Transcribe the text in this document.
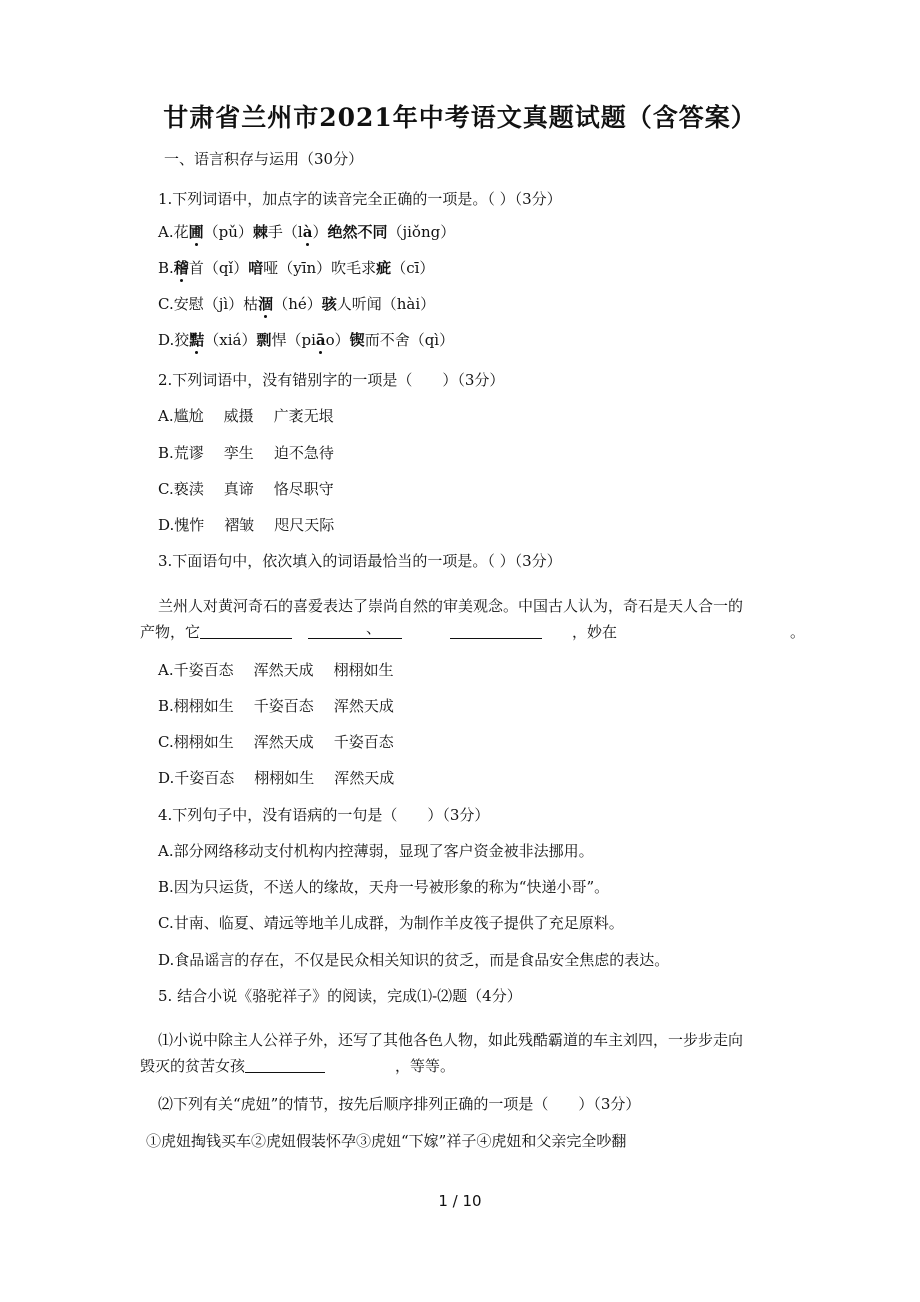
甘肃省兰州市2021年中考语文真题试题（含答案）
一、语言积存与运用（30分）
1.下列词语中，加点字的读音完全正确的一项是。（ ）（3分）
A.花圃（pǔ）棘手（là）绝然不同（jiǒng）
B.稽首（qǐ）喑哑（yīn）吹毛求疵（cī）
C.安慰（jì）枯涸（hé）骇人听闻（hài）
D.狡黠（xiá）剽悍（piāo）锲而不舍（qì）
2.下列词语中，没有错别字的一项是（　　）（3分）
A.尴尬 威摄 广袤无垠
B.荒谬 孪生 迫不急待
C.亵渎 真谛 恪尽职守
D.愧怍 褶皱 咫尺天际
3.下面语句中，依次填入的词语最恰当的一项是。（ ）（3分）
兰州人对黄河奇石的喜爱表达了崇尚自然的审美观念。中国古人认为，奇石是天人合一的
产物，它	，妙在
、	。
A.千姿百态 浑然天成 栩栩如生
B.栩栩如生 千姿百态 浑然天成
C.栩栩如生 浑然天成 千姿百态
D.千姿百态 栩栩如生 浑然天成
4.下列句子中，没有语病的一句是（　　）（3分）
A.部分网络移动支付机构内控薄弱，显现了客户资金被非法挪用。
B.因为只运货，不送人的缘故，天舟一号被形象的称为“快递小哥”。
C.甘南、临夏、靖远等地羊儿成群，为制作羊皮筏子提供了充足原料。
D.食品谣言的存在，不仅是民众相关知识的贫乏，而是食品安全焦虑的表达。
5. 结合小说《骆驼祥子》的阅读，完成⑴-⑵题（4分）
⑴小说中除主人公祥子外，还写了其他各色人物，如此残酷霸道的车主刘四，一步步走向
毁灭的贫苦女孩	，等等。
⑵下列有关“虎妞”的情节，按先后顺序排列正确的一项是（　　）（3分）
①虎妞掏钱买车②虎妞假装怀孕③虎妞“下嫁”祥子④虎妞和父亲完全吵翻
1 / 10
